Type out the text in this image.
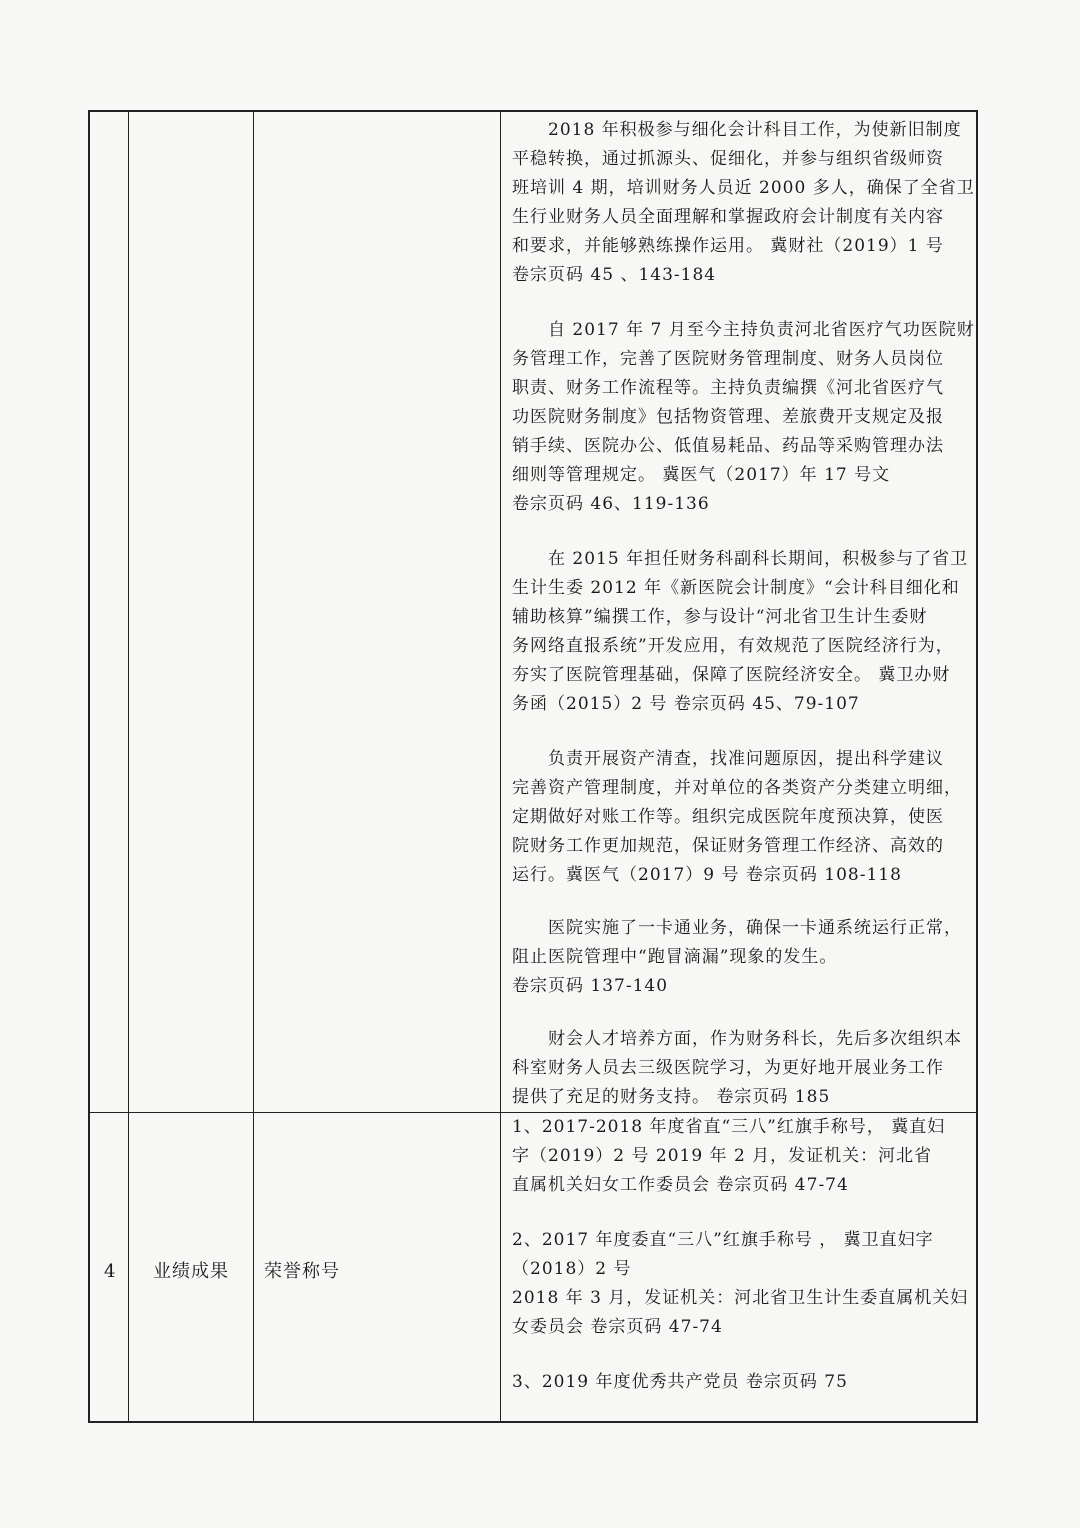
2018 年积极参与细化会计科目工作，为使新旧制度
平稳转换，通过抓源头、促细化，并参与组织省级师资
班培训 4 期，培训财务人员近 2000 多人，确保了全省卫
生行业财务人员全面理解和掌握政府会计制度有关内容
和要求，并能够熟练操作运用。 冀财社（2019）1 号
卷宗页码 45 、143-184
自 2017 年 7 月至今主持负责河北省医疗气功医院财
务管理工作，完善了医院财务管理制度、财务人员岗位
职责、财务工作流程等。主持负责编撰《河北省医疗气
功医院财务制度》包括物资管理、差旅费开支规定及报
销手续、医院办公、低值易耗品、药品等采购管理办法
细则等管理规定。 冀医气（2017）年 17 号文
卷宗页码 46、119-136
在 2015 年担任财务科副科长期间，积极参与了省卫
生计生委 2012 年《新医院会计制度》“会计科目细化和
辅助核算”编撰工作，参与设计“河北省卫生计生委财
务网络直报系统”开发应用，有效规范了医院经济行为，
夯实了医院管理基础，保障了医院经济安全。 冀卫办财
务函（2015）2 号 卷宗页码 45、79-107
负责开展资产清查，找准问题原因，提出科学建议
完善资产管理制度，并对单位的各类资产分类建立明细，
定期做好对账工作等。组织完成医院年度预决算，使医
院财务工作更加规范，保证财务管理工作经济、高效的
运行。冀医气（2017）9 号 卷宗页码 108-118
医院实施了一卡通业务，确保一卡通系统运行正常，
阻止医院管理中“跑冒滴漏”现象的发生。
卷宗页码 137-140
财会人才培养方面，作为财务科长，先后多次组织本
科室财务人员去三级医院学习，为更好地开展业务工作
提供了充足的财务支持。 卷宗页码 185
4 业绩成果 荣誉称号
1、2017-2018 年度省直“三八”红旗手称号， 冀直妇
字（2019）2 号 2019 年 2 月，发证机关：河北省
直属机关妇女工作委员会 卷宗页码 47-74
2、2017 年度委直“三八”红旗手称号 ， 冀卫直妇字
（2018）2 号
2018 年 3 月，发证机关：河北省卫生计生委直属机关妇
女委员会 卷宗页码 47-74
3、2019 年度优秀共产党员 卷宗页码 75
